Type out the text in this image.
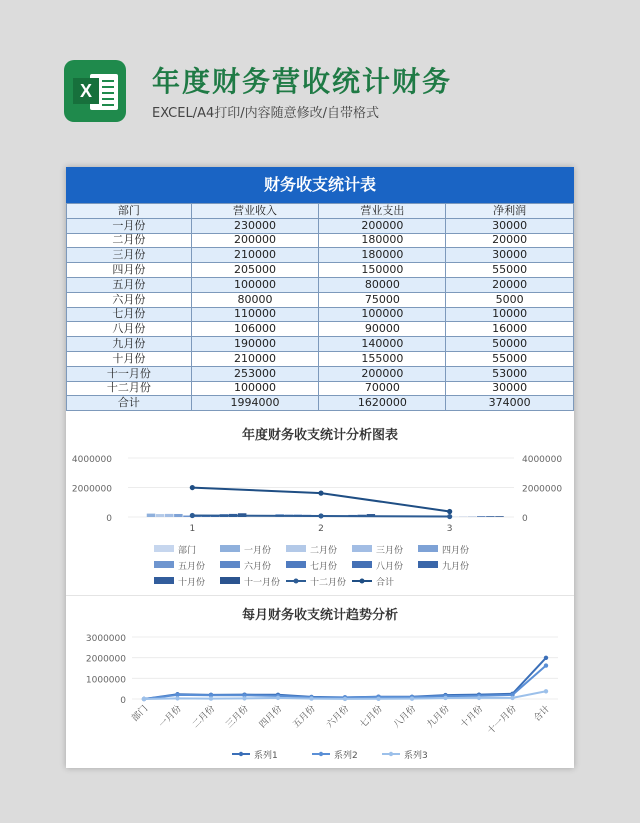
X 年度财务营收统计财务
EXCEL/A4打印/内容随意修改/自带格式
财务收支统计表
部门	营业收入	营业支出	净利润
一月份	230000	200000	30000
二月份	200000	180000	20000
三月份	210000	180000	30000
四月份	205000	150000	55000
五月份	100000	80000	20000
六月份	80000	75000	5000
七月份	110000	100000	10000
八月份	106000	90000	16000
九月份	190000	140000	50000
十月份	210000	155000	55000
十一月份	253000	200000	53000
十二月份	100000	70000	30000
合计	1994000	1620000	374000
年度财务收支统计分析图表
0
2000000
4000000
0
2000000
4000000
1	2	3
部门	一月份	二月份	三月份	四月份
五月份	六月份	七月份	八月份	九月份
十月份	十一月份	十二月份	合计
每月财务收支统计趋势分析
0
1000000
2000000
3000000
部门 一月份 二月份 三月份 四月份 五月份 六月份 七月份 八月份 九月份 十月份 十一月份 合计
系列1	系列2	系列3
